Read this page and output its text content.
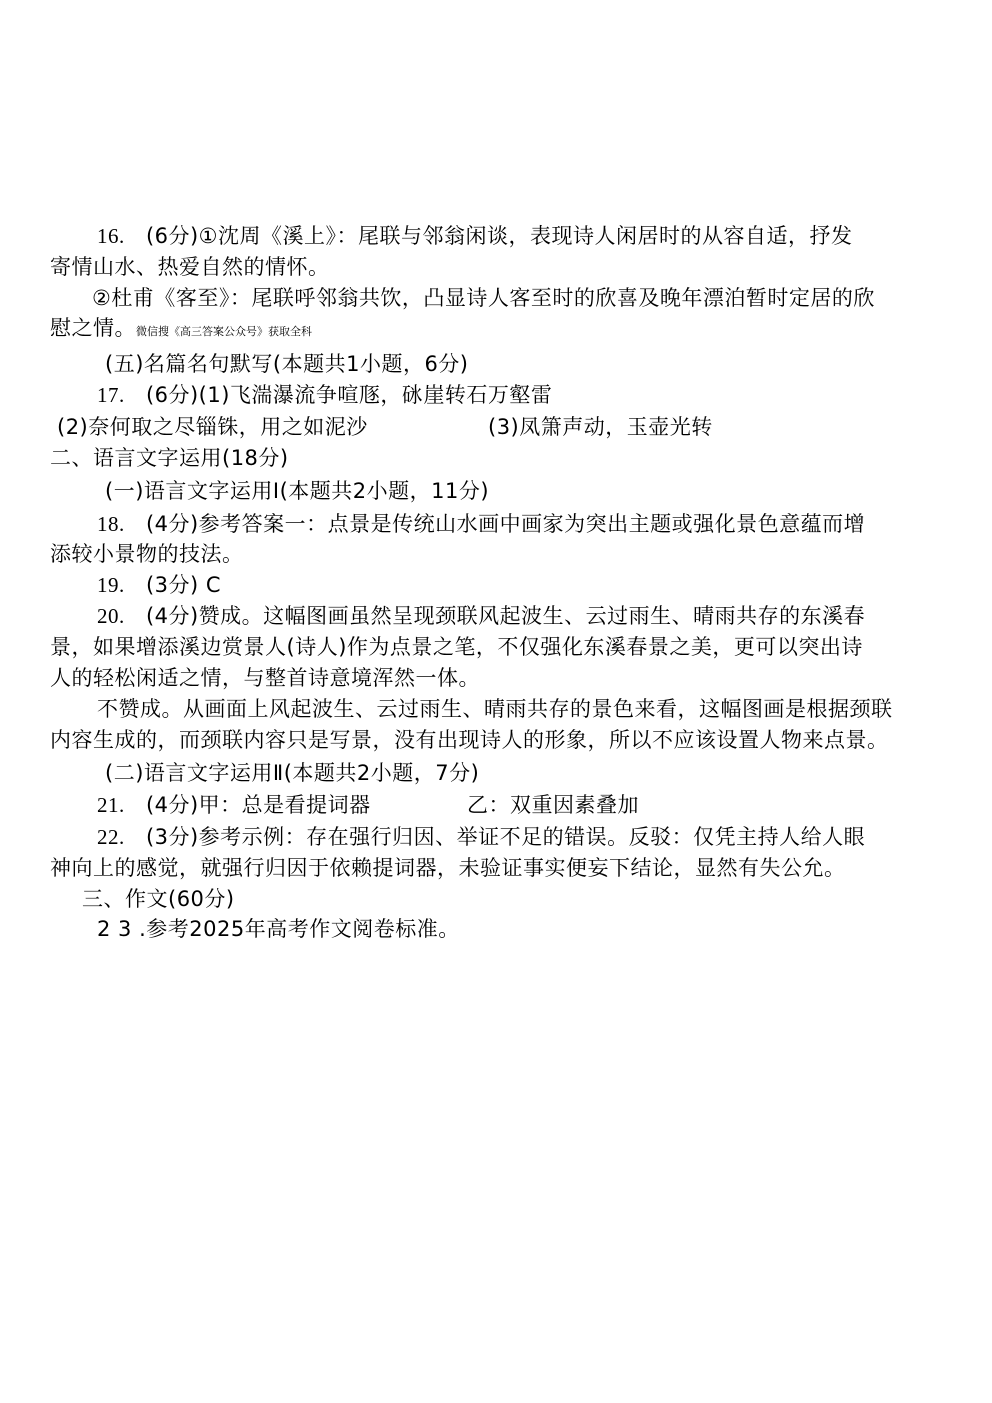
16. (6分)①沈周《溪上》：尾联与邻翁闲谈，表现诗人闲居时的从容自适，抒发
寄情山水、热爱自然的情怀。
②杜甫《客至》：尾联呼邻翁共饮，凸显诗人客至时的欣喜及晚年漂泊暂时定居的欣
慰之情。微信搜《高三答案公众号》获取全科
(五)名篇名句默写(本题共1小题，6分)
17. (6分)(1)飞湍瀑流争喧豗，砯崖转石万壑雷
(2)奈何取之尽锱铢，用之如泥沙	(3)凤箫声动，玉壶光转
二、语言文字运用(18分)
(一)语言文字运用Ⅰ(本题共2小题，11分)
18. (4分)参考答案一：点景是传统山水画中画家为突出主题或强化景色意蕴而增
添较小景物的技法。
19. (3分) C
20. (4分)赞成。这幅图画虽然呈现颈联风起波生、云过雨生、晴雨共存的东溪春
景，如果增添溪边赏景人(诗人)作为点景之笔，不仅强化东溪春景之美，更可以突出诗
人的轻松闲适之情，与整首诗意境浑然一体。
不赞成。从画面上风起波生、云过雨生、晴雨共存的景色来看，这幅图画是根据颈联
内容生成的，而颈联内容只是写景，没有出现诗人的形象，所以不应该设置人物来点景。
(二)语言文字运用Ⅱ(本题共2小题，7分)
21. (4分)甲：总是看提词器	乙：双重因素叠加
22. (3分)参考示例：存在强行归因、举证不足的错误。反驳：仅凭主持人给人眼
神向上的感觉，就强行归因于依赖提词器，未验证事实便妄下结论，显然有失公允。
三、作文(60分)
2 3 .参考2025年高考作文阅卷标准。
